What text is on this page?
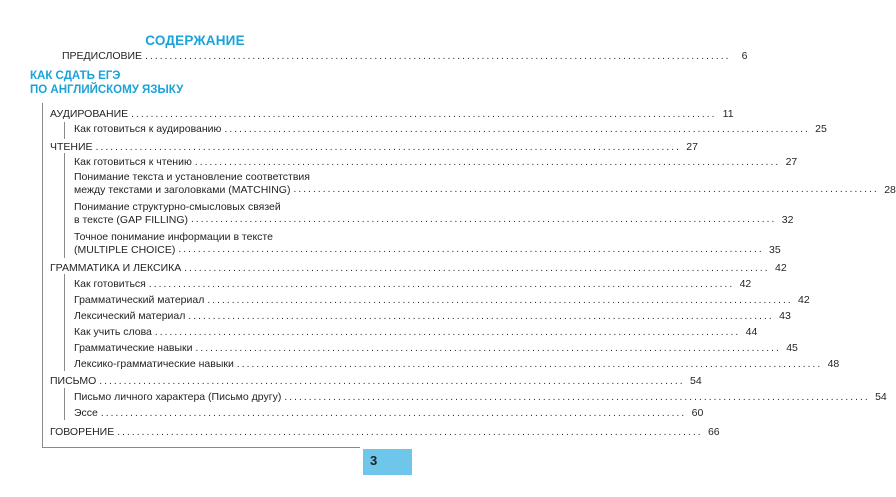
СОДЕРЖАНИЕ
ПРЕДИСЛОВИЕ ........................................................................................................................	6
КАК СДАТЬ ЕГЭ
ПО АНГЛИЙСКОМУ ЯЗЫКУ
АУДИРОВАНИЕ ........................................................................................................................ 11
Как готовиться к аудированию ........................................................................................................................ 25
ЧТЕНИЕ ........................................................................................................................ 27
Как готовиться к чтению ........................................................................................................................ 27
Понимание текста и установление соответствия
между текстами и заголовками (MATCHING) ........................................................................................................................ 28
Понимание структурно-смысловых связей
в тексте (GAP FILLING) ........................................................................................................................ 32
Точное понимание информации в тексте
(MULTIPLE CHOICE) ........................................................................................................................ 35
ГРАММАТИКА И ЛЕКСИКА ........................................................................................................................ 42
Как готовиться ........................................................................................................................ 42
Грамматический материал ........................................................................................................................ 42
Лексический материал ........................................................................................................................ 43
Как учить слова ........................................................................................................................ 44
Грамматические навыки ........................................................................................................................ 45
Лексико-грамматические навыки ........................................................................................................................ 48
ПИСЬМО ........................................................................................................................ 54
Письмо личного характера (Письмо другу) ........................................................................................................................ 54
Эссе ........................................................................................................................ 60
ГОВОРЕНИЕ ........................................................................................................................ 66
3
